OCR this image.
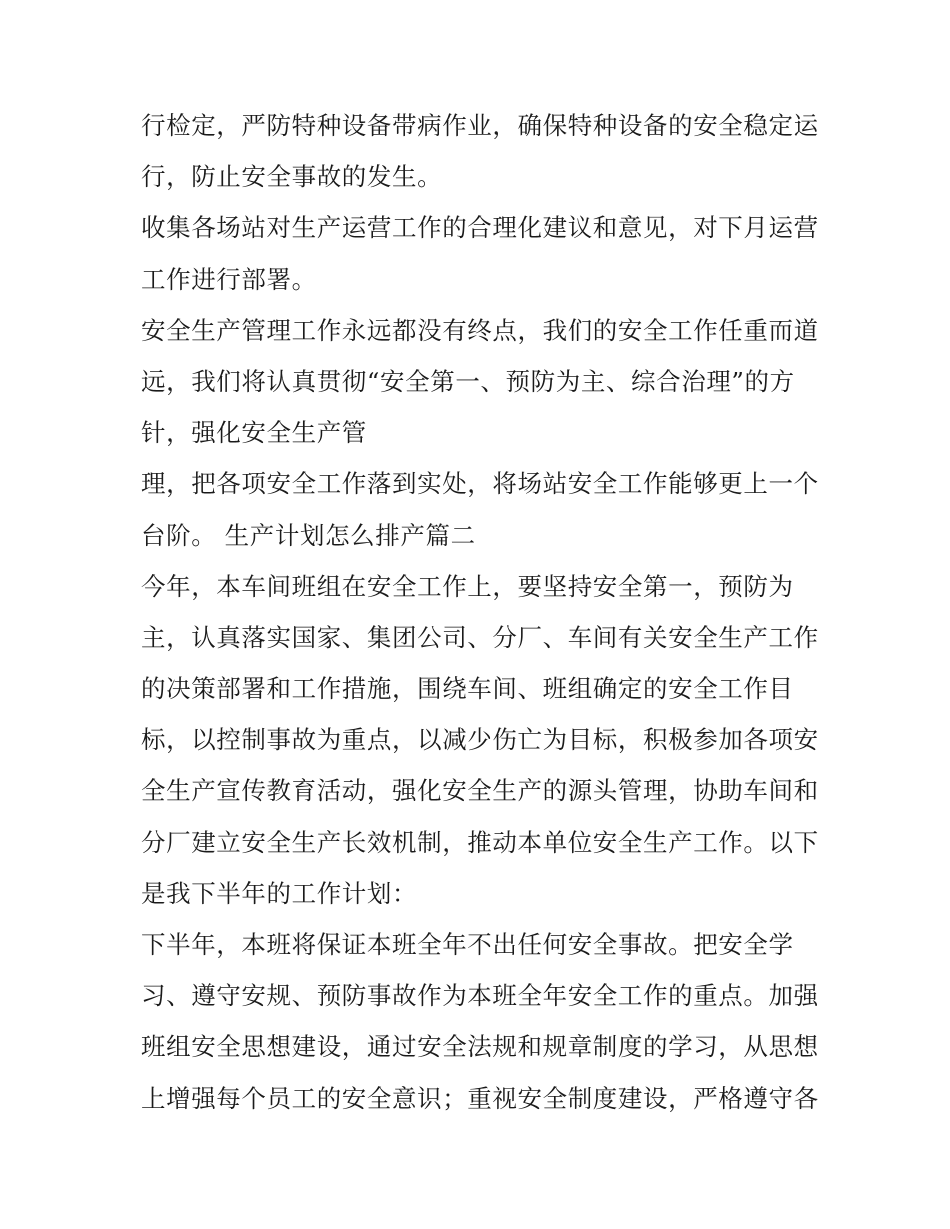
行检定，严防特种设备带病作业，确保特种设备的安全稳定运
行，防止安全事故的发生。
收集各场站对生产运营工作的合理化建议和意见，对下月运营
工作进行部署。
安全生产管理工作永远都没有终点，我们的安全工作任重而道
远，我们将认真贯彻“安全第一、预防为主、综合治理”的方
针，强化安全生产管
理，把各项安全工作落到实处，将场站安全工作能够更上一个
台阶。 生产计划怎么排产篇二
今年，本车间班组在安全工作上，要坚持安全第一，预防为
主，认真落实国家、集团公司、分厂、车间有关安全生产工作
的决策部署和工作措施，围绕车间、班组确定的安全工作目
标，以控制事故为重点，以减少伤亡为目标，积极参加各项安
全生产宣传教育活动，强化安全生产的源头管理，协助车间和
分厂建立安全生产长效机制，推动本单位安全生产工作。以下
是我下半年的工作计划：
下半年，本班将保证本班全年不出任何安全事故。把安全学
习、遵守安规、预防事故作为本班全年安全工作的重点。加强
班组安全思想建设，通过安全法规和规章制度的学习，从思想
上增强每个员工的安全意识；重视安全制度建设，严格遵守各
